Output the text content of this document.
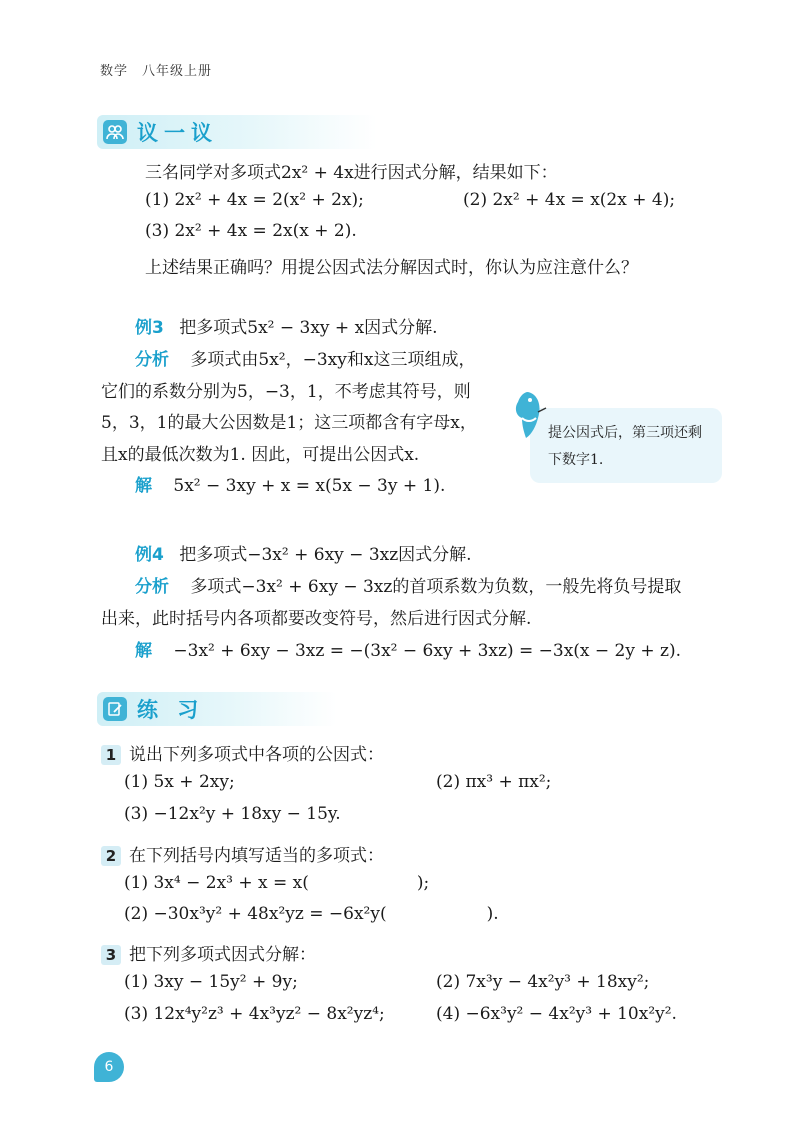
数学 八年级上册
议一议
三名同学对多项式2x² + 4x进行因式分解，结果如下：
(1) 2x² + 4x = 2(x² + 2x);	(2) 2x² + 4x = x(2x + 4);
(3) 2x² + 4x = 2x(x + 2).
上述结果正确吗？用提公因式法分解因式时，你认为应注意什么？
例3 把多项式5x² − 3xy + x因式分解.
分析 多项式由5x²，−3xy和x这三项组成，
它们的系数分别为5，−3，1，不考虑其符号，则
5，3，1的最大公因数是1；这三项都含有字母x，
且x的最低次数为1. 因此，可提出公因式x.
解 5x² − 3xy + x = x(5x − 3y + 1).
提公因式后，第三项还剩下数字1.
例4 把多项式−3x² + 6xy − 3xz因式分解.
分析 多项式−3x² + 6xy − 3xz的首项系数为负数，一般先将负号提取
出来，此时括号内各项都要改变符号，然后进行因式分解.
解 −3x² + 6xy − 3xz = −(3x² − 6xy + 3xz) = −3x(x − 2y + z).
练 习
1 说出下列多项式中各项的公因式：
(1) 5x + 2xy;	(2) πx³ + πx²;
(3) −12x²y + 18xy − 15y.
2 在下列括号内填写适当的多项式：
(1) 3x⁴ − 2x³ + x = x(	);
(2) −30x³y² + 48x²yz = −6x²y(	).
3 把下列多项式因式分解：
(1) 3xy − 15y² + 9y;	(2) 7x³y − 4x²y³ + 18xy²;
(3) 12x⁴y²z³ + 4x³yz² − 8x²yz⁴;	(4) −6x³y² − 4x²y³ + 10x²y².
6
